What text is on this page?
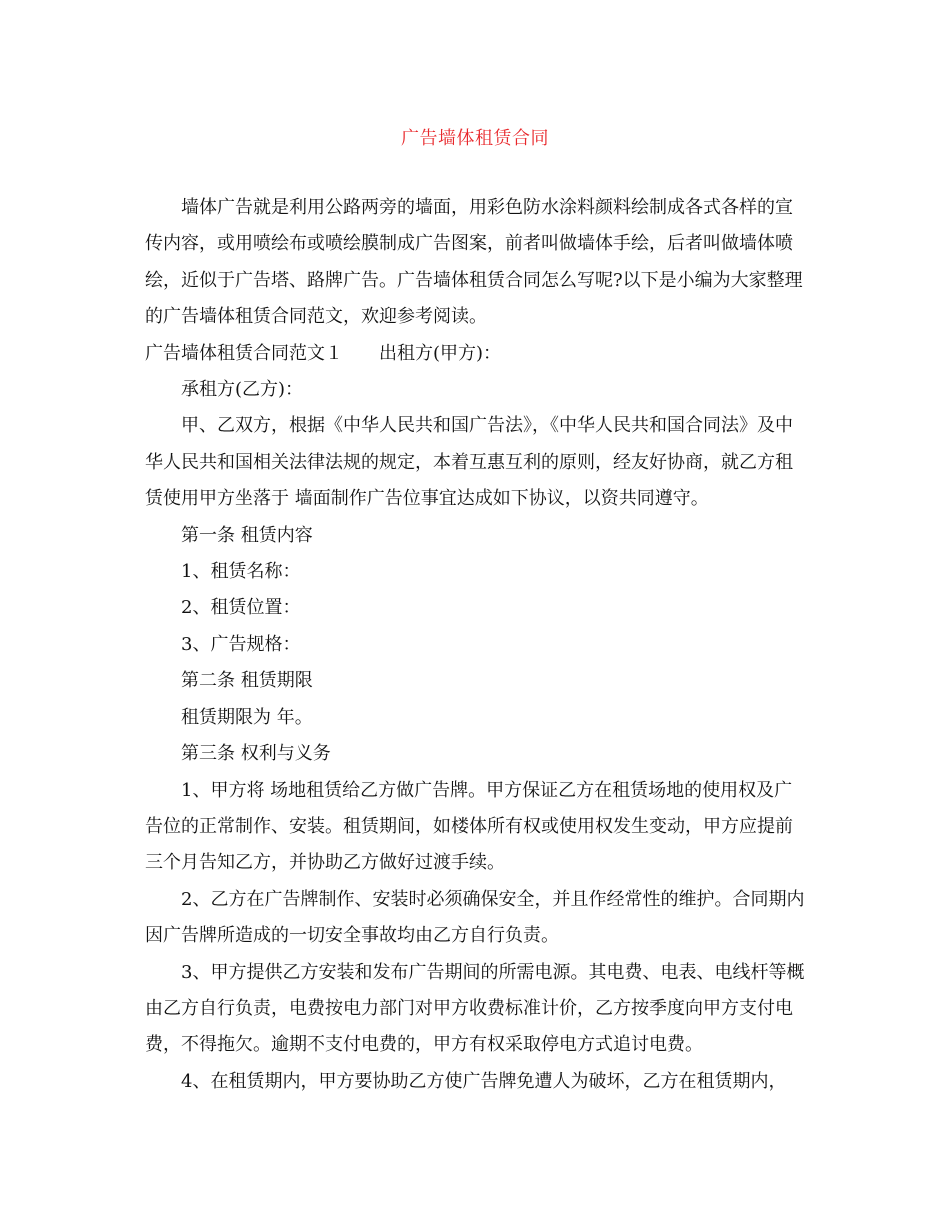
广告墙体租赁合同

墙体广告就是利用公路两旁的墙面，用彩色防水涂料颜料绘制成各式各样的宣传内容，或用喷绘布或喷绘膜制成广告图案，前者叫做墙体手绘，后者叫做墙体喷绘，近似于广告塔、路牌广告。广告墙体租赁合同怎么写呢?以下是小编为大家整理的广告墙体租赁合同范文，欢迎参考阅读。

广告墙体租赁合同范文１ 出租方(甲方)：

承租方(乙方)：

甲、乙双方，根据《中华人民共和国广告法》，《中华人民共和国合同法》及中华人民共和国相关法律法规的规定，本着互惠互利的原则，经友好协商，就乙方租赁使用甲方坐落于 墙面制作广告位事宜达成如下协议，以资共同遵守。

第一条 租赁内容

1、租赁名称：

2、租赁位置：

3、广告规格：

第二条 租赁期限

租赁期限为 年。

第三条 权利与义务

1、甲方将 场地租赁给乙方做广告牌。甲方保证乙方在租赁场地的使用权及广告位的正常制作、安装。租赁期间，如楼体所有权或使用权发生变动，甲方应提前三个月告知乙方，并协助乙方做好过渡手续。

2、乙方在广告牌制作、安装时必须确保安全，并且作经常性的维护。合同期内因广告牌所造成的一切安全事故均由乙方自行负责。

3、甲方提供乙方安装和发布广告期间的所需电源。其电费、电表、电线杆等概由乙方自行负责，电费按电力部门对甲方收费标准计价，乙方按季度向甲方支付电费，不得拖欠。逾期不支付电费的，甲方有权采取停电方式追讨电费。

4、在租赁期内，甲方要协助乙方使广告牌免遭人为破坏，乙方在租赁期内，
